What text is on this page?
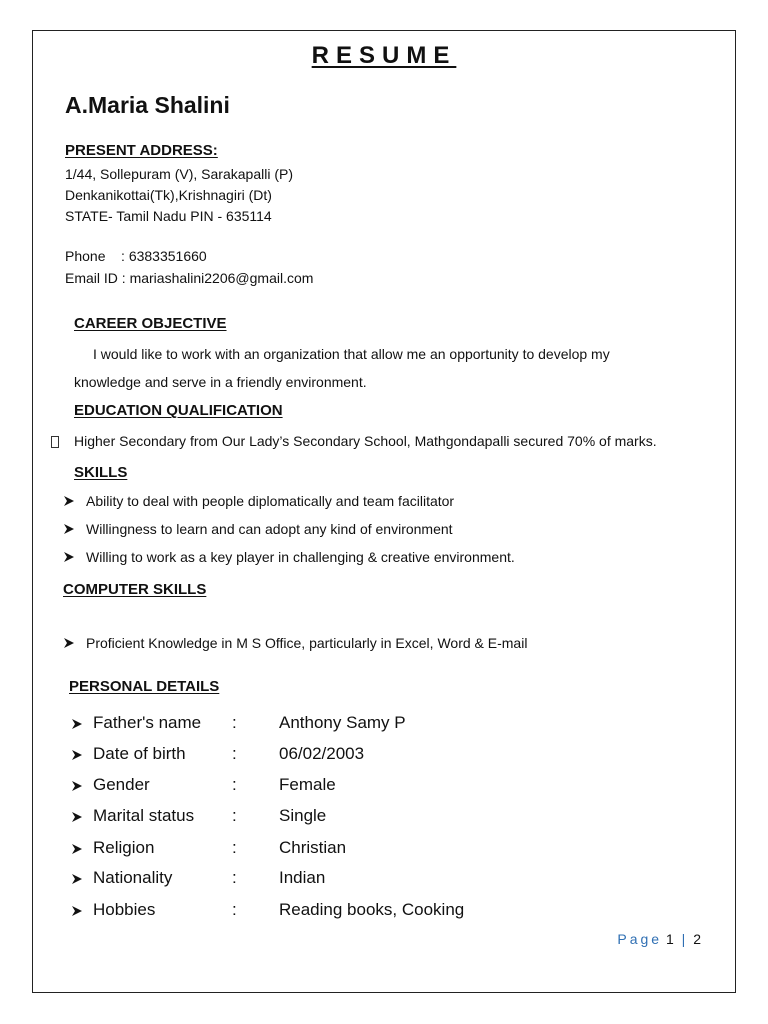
RESUME
A.Maria Shalini
PRESENT ADDRESS:
1/44, Sollepuram (V), Sarakapalli (P)
Denkanikottai(Tk),Krishnagiri (Dt)
STATE- Tamil Nadu PIN - 635114
Phone    : 6383351660
Email ID : mariashalini2206@gmail.com
CAREER OBJECTIVE
I would like to work with an organization that allow me an opportunity to develop my
knowledge and serve in a friendly environment.
EDUCATION QUALIFICATION
Higher Secondary from Our Lady’s Secondary School, Mathgondapalli secured 70% of marks.
SKILLS
Ability to deal with people diplomatically and team facilitator
Willingness to learn and can adopt any kind of environment
Willing to work as a key player in challenging & creative environment.
COMPUTER SKILLS
Proficient Knowledge in M S Office, particularly in Excel, Word & E-mail
PERSONAL DETAILS
Father's name : Anthony Samy P
Date of birth	: 06/02/2003
Gender	: Female
Marital status : Single
Religion	: Christian
Nationality	: Indian
Hobbies	: Reading books, Cooking
Page 1 | 2
